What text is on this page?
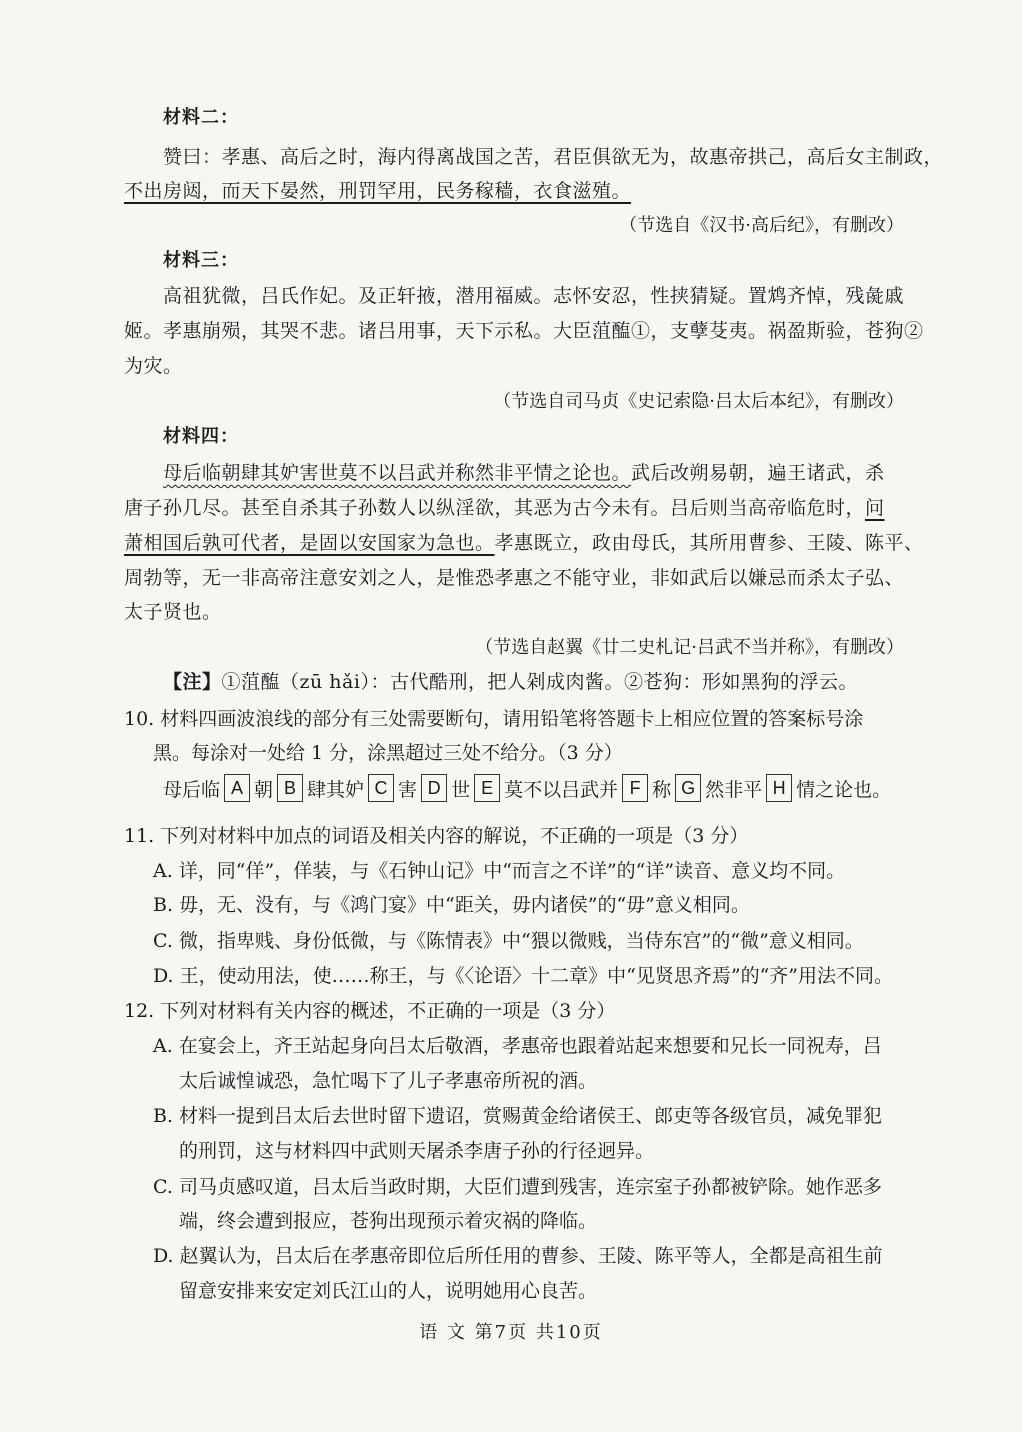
材料二：
赞曰：孝惠、高后之时，海内得离战国之苦，君臣俱欲无为，故惠帝拱己，高后女主制政，
不出房闼，而天下晏然，刑罚罕用，民务稼穑，衣食滋殖。
（节选自《汉书·高后纪》，有删改）
材料三：
高祖犹微，吕氏作妃。及正轩掖，潜用福威。志怀安忍，性挟猜疑。置鸩齐悼，残彘戚
姬。孝惠崩殒，其哭不悲。诸吕用事，天下示私。大臣菹醢①，支孽芟夷。祸盈斯验，苍狗②
为灾。
（节选自司马贞《史记索隐·吕太后本纪》，有删改）
材料四：
母后临朝肆其妒害世莫不以吕武并称然非平情之论也。武后改朔易朝，遍王诸武，杀
唐子孙几尽。甚至自杀其子孙数人以纵淫欲，其恶为古今未有。吕后则当高帝临危时，问
萧相国后孰可代者，是固以安国家为急也。孝惠既立，政由母氏，其所用曹参、王陵、陈平、
周勃等，无一非高帝注意安刘之人，是惟恐孝惠之不能守业，非如武后以嫌忌而杀太子弘、
太子贤也。
（节选自赵翼《廿二史札记·吕武不当并称》，有删改）
【注】①菹醢（zū hǎi）：古代酷刑，把人剁成肉酱。②苍狗：形如黑狗的浮云。
10. 材料四画波浪线的部分有三处需要断句，请用铅笔将答题卡上相应位置的答案标号涂
黑。每涂对一处给 1 分，涂黑超过三处不给分。（3 分）
母后临 A 朝 B 肆其妒 C 害 D 世 E 莫不以吕武并 F 称 G 然非平 H 情之论也。
11. 下列对材料中加点的词语及相关内容的解说，不正确的一项是（3 分）
A. 详，同“佯”，佯装，与《石钟山记》中“而言之不详”的“详”读音、意义均不同。
B. 毋，无、没有，与《鸿门宴》中“距关，毋内诸侯”的“毋”意义相同。
C. 微，指卑贱、身份低微，与《陈情表》中“猥以微贱，当侍东宫”的“微”意义相同。
D. 王，使动用法，使……称王，与《〈论语〉十二章》中“见贤思齐焉”的“齐”用法不同。
12. 下列对材料有关内容的概述，不正确的一项是（3 分）
A. 在宴会上，齐王站起身向吕太后敬酒，孝惠帝也跟着站起来想要和兄长一同祝寿，吕
太后诚惶诚恐，急忙喝下了儿子孝惠帝所祝的酒。
B. 材料一提到吕太后去世时留下遗诏，赏赐黄金给诸侯王、郎吏等各级官员，减免罪犯
的刑罚，这与材料四中武则天屠杀李唐子孙的行径迥异。
C. 司马贞感叹道，吕太后当政时期，大臣们遭到残害，连宗室子孙都被铲除。她作恶多
端，终会遭到报应，苍狗出现预示着灾祸的降临。
D. 赵翼认为，吕太后在孝惠帝即位后所任用的曹参、王陵、陈平等人，全都是高祖生前
留意安排来安定刘氏江山的人，说明她用心良苦。
语 文 第7页 共10页
